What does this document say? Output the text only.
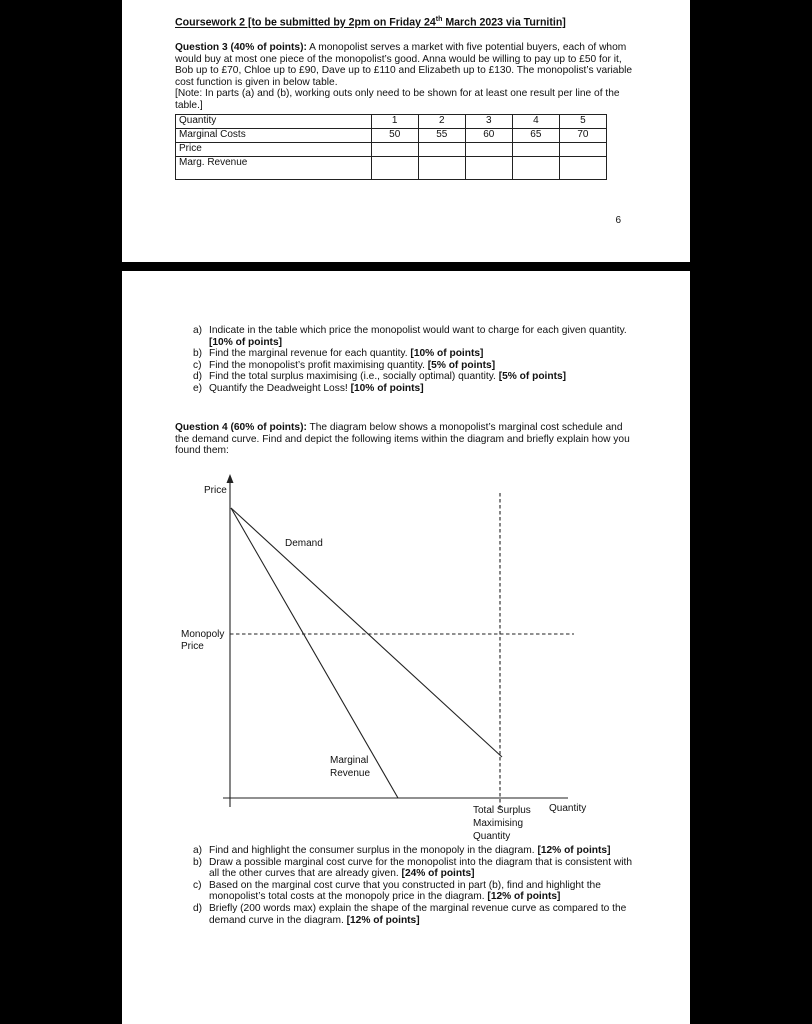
Coursework 2 [to be submitted by 2pm on Friday 24th March 2023 via Turnitin]

Question 3 (40% of points): A monopolist serves a market with five potential buyers, each of whom would buy at most one piece of the monopolist’s good. Anna would be willing to pay up to £50 for it, Bob up to £70, Chloe up to £90, Dave up to £110 and Elizabeth up to £130. The monopolist’s variable cost function is given in below table.

[Note: In parts (a) and (b), working outs only need to be shown for at least one result per line of the table.]

Quantity	1	2	3	4	5
Marginal Costs	50	55	60	65	70
Price					
Marg. Revenue					
6
a) Indicate in the table which price the monopolist would want to charge for each given quantity. [10% of points]
b) Find the marginal revenue for each quantity. [10% of points]
c) Find the monopolist’s profit maximising quantity. [5% of points]
d) Find the total surplus maximising (i.e., socially optimal) quantity. [5% of points]
e) Quantify the Deadweight Loss! [10% of points]

Question 4 (60% of points): The diagram below shows a monopolist’s marginal cost schedule and the demand curve. Find and depict the following items within the diagram and briefly explain how you found them:

Price
Demand
Monopoly
Price
Marginal
Revenue
Total Surplus
Maximising
Quantity
Quantity
a) Find and highlight the consumer surplus in the monopoly in the diagram. [12% of points]
b) Draw a possible marginal cost curve for the monopolist into the diagram that is consistent with all the other curves that are already given. [24% of points]
c) Based on the marginal cost curve that you constructed in part (b), find and highlight the monopolist’s total costs at the monopoly price in the diagram. [12% of points]
d) Briefly (200 words max) explain the shape of the marginal revenue curve as compared to the demand curve in the diagram. [12% of points]
